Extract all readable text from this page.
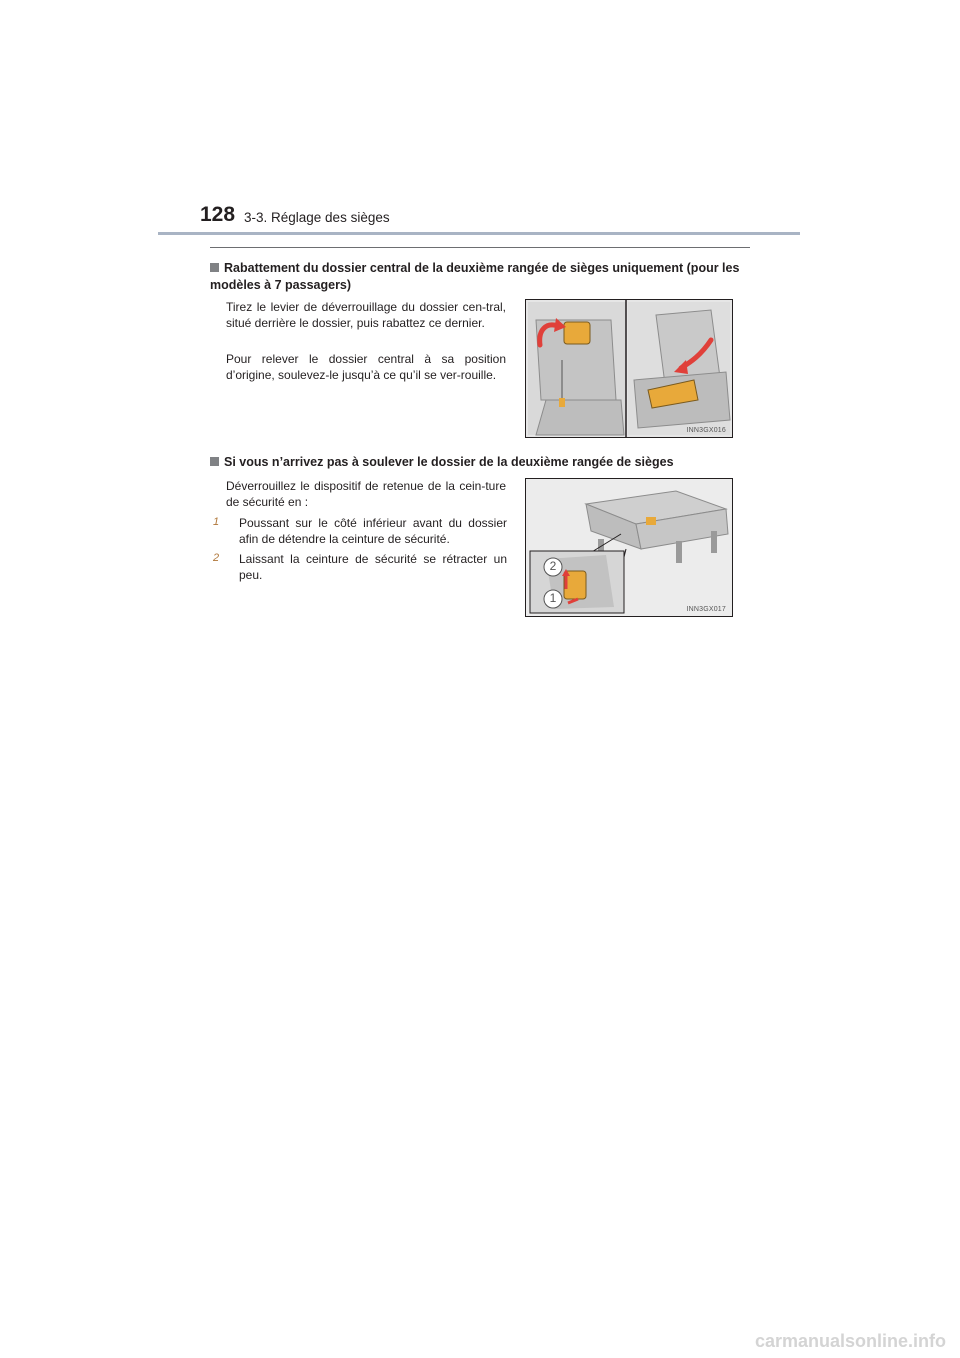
128 3-3. Réglage des sièges
Rabattement du dossier central de la deuxième rangée de sièges uniquement (pour les modèles à 7 passagers)

Tirez le levier de déverrouillage du dossier cen-tral, situé derrière le dossier, puis rabattez ce dernier.

Pour relever le dossier central à sa position d’origine, soulevez-le jusqu’à ce qu’il se ver-rouille.

INN3GX016
Si vous n’arrivez pas à soulever le dossier de la deuxième rangée de sièges

Déverrouillez le dispositif de retenue de la cein-ture de sécurité en :

1 Poussant sur le côté inférieur avant du dossier afin de détendre la ceinture de sécurité.

2 Laissant la ceinture de sécurité se rétracter un peu.

2
1
INN3GX017
carmanualsonline.info
